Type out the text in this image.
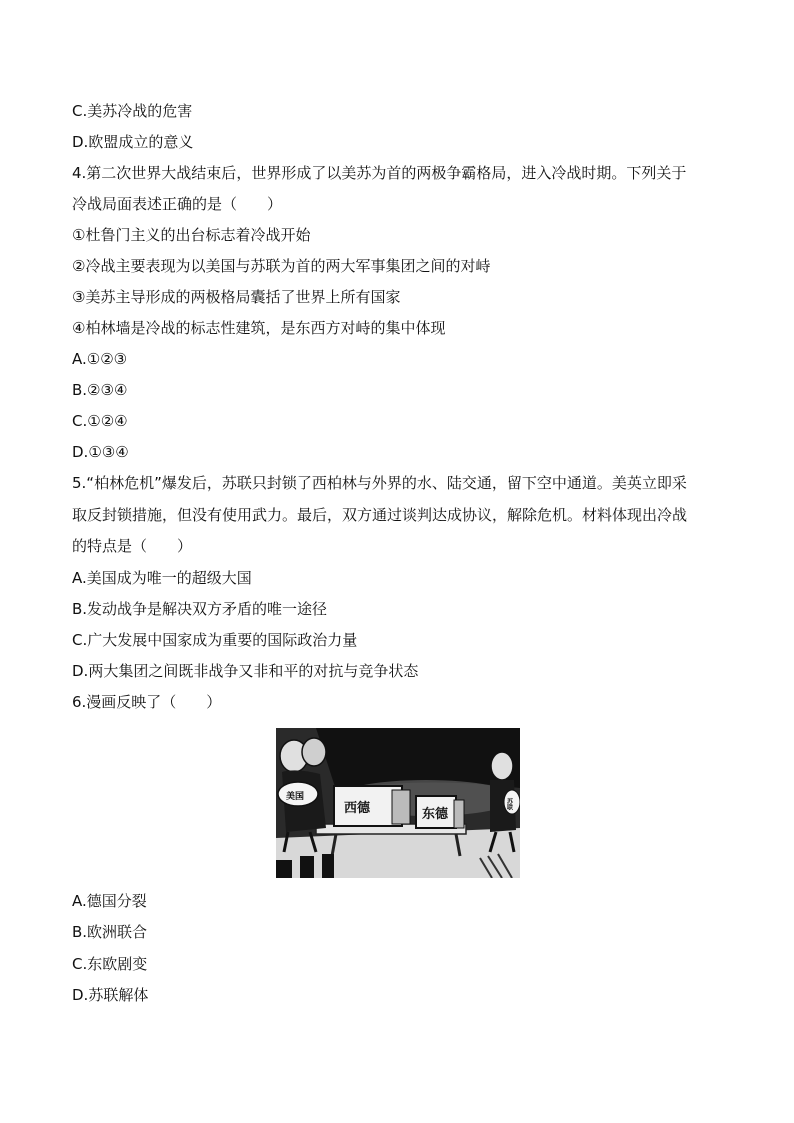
C.美苏冷战的危害
D.欧盟成立的意义
4.第二次世界大战结束后，世界形成了以美苏为首的两极争霸格局，进入冷战时期。下列关于
冷战局面表述正确的是（　　）
①杜鲁门主义的出台标志着冷战开始
②冷战主要表现为以美国与苏联为首的两大军事集团之间的对峙
③美苏主导形成的两极格局囊括了世界上所有国家
④柏林墙是冷战的标志性建筑，是东西方对峙的集中体现
A.①②③
B.②③④
C.①②④
D.①③④
5.“柏林危机”爆发后，苏联只封锁了西柏林与外界的水、陆交通，留下空中通道。美英立即采
取反封锁措施，但没有使用武力。最后，双方通过谈判达成协议，解除危机。材料体现出冷战
的特点是（　　）
A.美国成为唯一的超级大国
B.发动战争是解决双方矛盾的唯一途径
C.广大发展中国家成为重要的国际政治力量
D.两大集团之间既非战争又非和平的对抗与竞争状态
6.漫画反映了（　　）
美国
西德	东德
苏联
A.德国分裂
B.欧洲联合
C.东欧剧变
D.苏联解体
